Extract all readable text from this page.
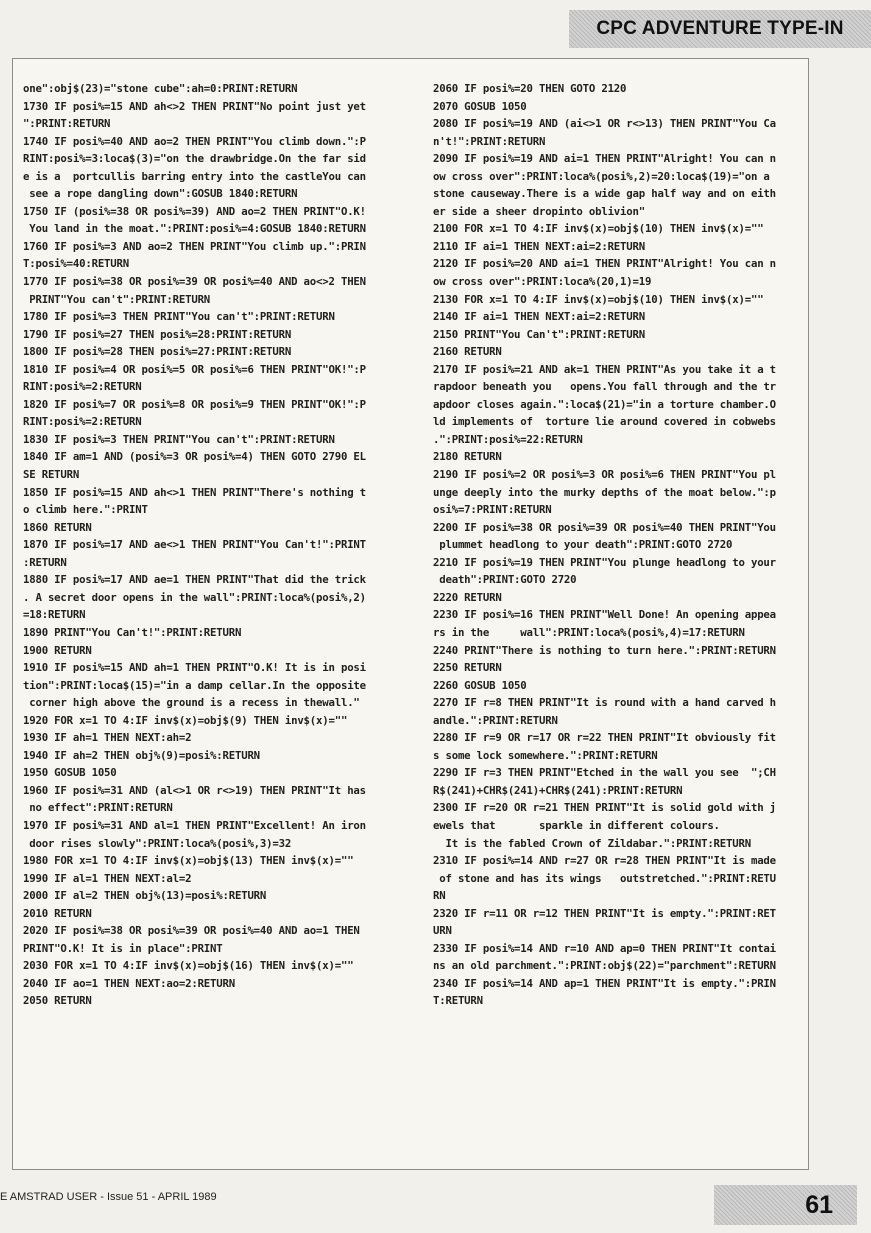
CPC ADVENTURE TYPE-IN
one":obj$(23)="stone cube":ah=0:PRINT:RETURN
1730 IF posi%=15 AND ah<>2 THEN PRINT"No point just yet
":PRINT:RETURN
1740 IF posi%=40 AND ao=2 THEN PRINT"You climb down.":P
RINT:posi%=3:loca$(3)="on the drawbridge.On the far sid
e is a  portcullis barring entry into the castleYou can
see a rope dangling down":GOSUB 1840:RETURN
1750 IF (posi%=38 OR posi%=39) AND ao=2 THEN PRINT"O.K!
You land in the moat.":PRINT:posi%=4:GOSUB 1840:RETURN
1760 IF posi%=3 AND ao=2 THEN PRINT"You climb up.":PRIN
T:posi%=40:RETURN
1770 IF posi%=38 OR posi%=39 OR posi%=40 AND ao<>2 THEN
PRINT"You can't":PRINT:RETURN
1780 IF posi%=3 THEN PRINT"You can't":PRINT:RETURN
1790 IF posi%=27 THEN posi%=28:PRINT:RETURN
1800 IF posi%=28 THEN posi%=27:PRINT:RETURN
1810 IF posi%=4 OR posi%=5 OR posi%=6 THEN PRINT"OK!":P
RINT:posi%=2:RETURN
1820 IF posi%=7 OR posi%=8 OR posi%=9 THEN PRINT"OK!":P
RINT:posi%=2:RETURN
1830 IF posi%=3 THEN PRINT"You can't":PRINT:RETURN
1840 IF am=1 AND (posi%=3 OR posi%=4) THEN GOTO 2790 EL
SE RETURN
1850 IF posi%=15 AND ah<>1 THEN PRINT"There's nothing t
o climb here.":PRINT
1860 RETURN
1870 IF posi%=17 AND ae<>1 THEN PRINT"You Can't!":PRINT
:RETURN
1880 IF posi%=17 AND ae=1 THEN PRINT"That did the trick
. A secret door opens in the wall":PRINT:loca%(posi%,2)
=18:RETURN
1890 PRINT"You Can't!":PRINT:RETURN
1900 RETURN
1910 IF posi%=15 AND ah=1 THEN PRINT"O.K! It is in posi
tion":PRINT:loca$(15)="in a damp cellar.In the opposite
corner high above the ground is a recess in thewall."
1920 FOR x=1 TO 4:IF inv$(x)=obj$(9) THEN inv$(x)=""
1930 IF ah=1 THEN NEXT:ah=2
1940 IF ah=2 THEN obj%(9)=posi%:RETURN
1950 GOSUB 1050
1960 IF posi%=31 AND (al<>1 OR r<>19) THEN PRINT"It has
no effect":PRINT:RETURN
1970 IF posi%=31 AND al=1 THEN PRINT"Excellent! An iron
door rises slowly":PRINT:loca%(posi%,3)=32
1980 FOR x=1 TO 4:IF inv$(x)=obj$(13) THEN inv$(x)=""
1990 IF al=1 THEN NEXT:al=2
2000 IF al=2 THEN obj%(13)=posi%:RETURN
2010 RETURN
2020 IF posi%=38 OR posi%=39 OR posi%=40 AND ao=1 THEN
PRINT"O.K! It is in place":PRINT
2030 FOR x=1 TO 4:IF inv$(x)=obj$(16) THEN inv$(x)=""
2040 IF ao=1 THEN NEXT:ao=2:RETURN
2050 RETURN
2060 IF posi%=20 THEN GOTO 2120
2070 GOSUB 1050
2080 IF posi%=19 AND (ai<>1 OR r<>13) THEN PRINT"You Ca
n't!":PRINT:RETURN
2090 IF posi%=19 AND ai=1 THEN PRINT"Alright! You can n
ow cross over":PRINT:loca%(posi%,2)=20:loca$(19)="on a
stone causeway.There is a wide gap half way and on eith
er side a sheer dropinto oblivion"
2100 FOR x=1 TO 4:IF inv$(x)=obj$(10) THEN inv$(x)=""
2110 IF ai=1 THEN NEXT:ai=2:RETURN
2120 IF posi%=20 AND ai=1 THEN PRINT"Alright! You can n
ow cross over":PRINT:loca%(20,1)=19
2130 FOR x=1 TO 4:IF inv$(x)=obj$(10) THEN inv$(x)=""
2140 IF ai=1 THEN NEXT:ai=2:RETURN
2150 PRINT"You Can't":PRINT:RETURN
2160 RETURN
2170 IF posi%=21 AND ak=1 THEN PRINT"As you take it a t
rapdoor beneath you   opens.You fall through and the tr
apdoor closes again.":loca$(21)="in a torture chamber.O
ld implements of  torture lie around covered in cobwebs
.":PRINT:posi%=22:RETURN
2180 RETURN
2190 IF posi%=2 OR posi%=3 OR posi%=6 THEN PRINT"You pl
unge deeply into the murky depths of the moat below.":p
osi%=7:PRINT:RETURN
2200 IF posi%=38 OR posi%=39 OR posi%=40 THEN PRINT"You
plummet headlong to your death":PRINT:GOTO 2720
2210 IF posi%=19 THEN PRINT"You plunge headlong to your
death":PRINT:GOTO 2720
2220 RETURN
2230 IF posi%=16 THEN PRINT"Well Done! An opening appea
rs in the     wall":PRINT:loca%(posi%,4)=17:RETURN
2240 PRINT"There is nothing to turn here.":PRINT:RETURN
2250 RETURN
2260 GOSUB 1050
2270 IF r=8 THEN PRINT"It is round with a hand carved h
andle.":PRINT:RETURN
2280 IF r=9 OR r=17 OR r=22 THEN PRINT"It obviously fit
s some lock somewhere.":PRINT:RETURN
2290 IF r=3 THEN PRINT"Etched in the wall you see  ";CH
R$(241)+CHR$(241)+CHR$(241):PRINT:RETURN
2300 IF r=20 OR r=21 THEN PRINT"It is solid gold with j
ewels that       sparkle in different colours.
It is the fabled Crown of Zildabar.":PRINT:RETURN
2310 IF posi%=14 AND r=27 OR r=28 THEN PRINT"It is made
of stone and has its wings   outstretched.":PRINT:RETU
RN
2320 IF r=11 OR r=12 THEN PRINT"It is empty.":PRINT:RET
URN
2330 IF posi%=14 AND r=10 AND ap=0 THEN PRINT"It contai
ns an old parchment.":PRINT:obj$(22)="parchment":RETURN
2340 IF posi%=14 AND ap=1 THEN PRINT"It is empty.":PRIN
T:RETURN
E AMSTRAD USER - Issue 51 - APRIL 1989	61
